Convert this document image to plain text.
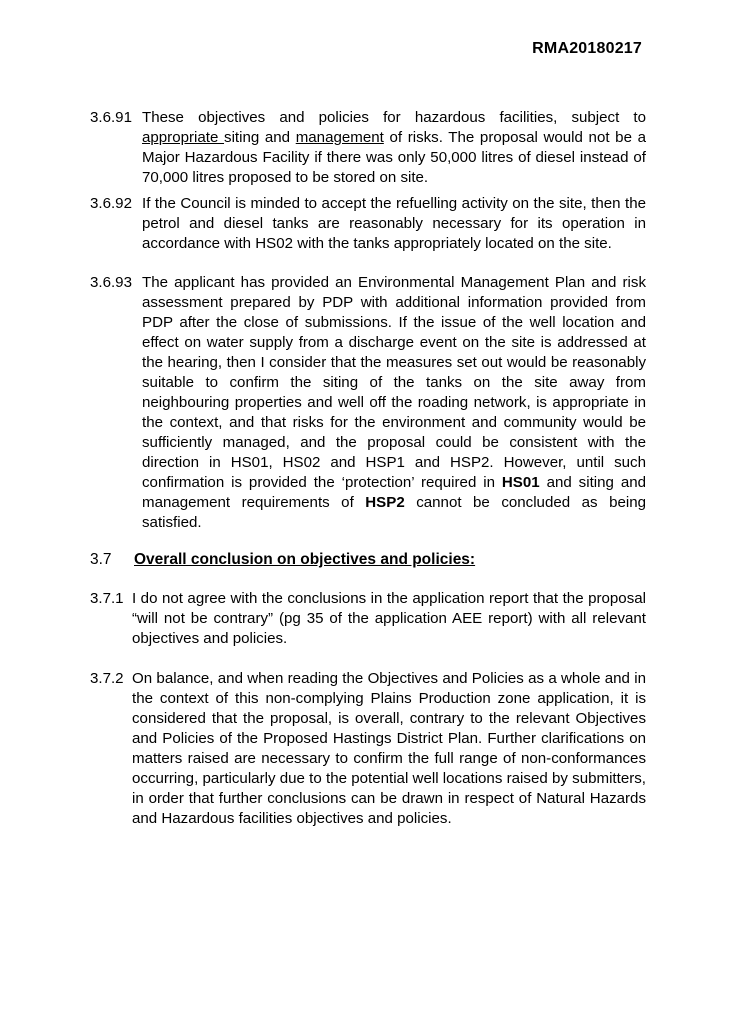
RMA20180217
3.6.91 These objectives and policies for hazardous facilities, subject to appropriate siting and management of risks. The proposal would not be a Major Hazardous Facility if there was only 50,000 litres of diesel instead of 70,000 litres proposed to be stored on site.
3.6.92 If the Council is minded to accept the refuelling activity on the site, then the petrol and diesel tanks are reasonably necessary for its operation in accordance with HS02 with the tanks appropriately located on the site.
3.6.93 The applicant has provided an Environmental Management Plan and risk assessment prepared by PDP with additional information provided from PDP after the close of submissions. If the issue of the well location and effect on water supply from a discharge event on the site is addressed at the hearing, then I consider that the measures set out would be reasonably suitable to confirm the siting of the tanks on the site away from neighbouring properties and well off the roading network, is appropriate in the context, and that risks for the environment and community would be sufficiently managed, and the proposal could be consistent with the direction in HS01, HS02 and HSP1 and HSP2. However, until such confirmation is provided the ‘protection’ required in HS01 and siting and management requirements of HSP2 cannot be concluded as being satisfied.
3.7	Overall conclusion on objectives and policies:
3.7.1 I do not agree with the conclusions in the application report that the proposal “will not be contrary” (pg 35 of the application AEE report) with all relevant objectives and policies.
3.7.2 On balance, and when reading the Objectives and Policies as a whole and in the context of this non-complying Plains Production zone application, it is considered that the proposal, is overall, contrary to the relevant Objectives and Policies of the Proposed Hastings District Plan. Further clarifications on matters raised are necessary to confirm the full range of non-conformances occurring, particularly due to the potential well locations raised by submitters, in order that further conclusions can be drawn in respect of Natural Hazards and Hazardous facilities objectives and policies.
